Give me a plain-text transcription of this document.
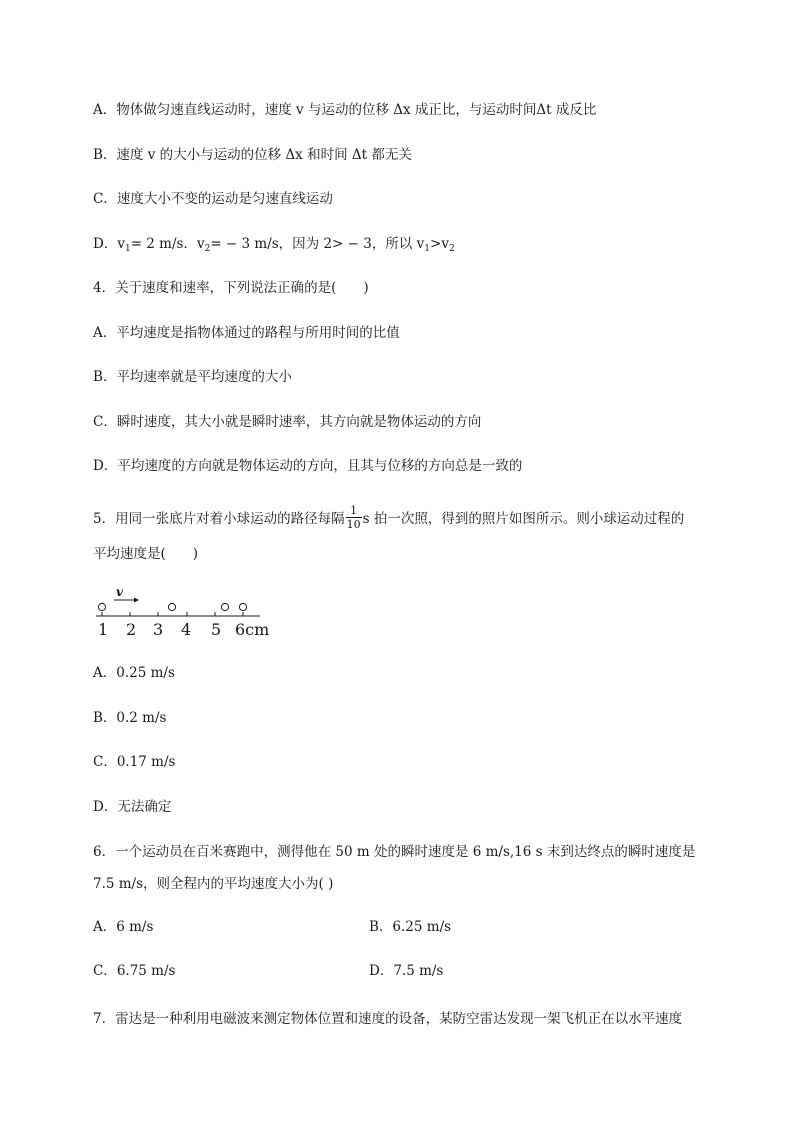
A．物体做匀速直线运动时，速度 v 与运动的位移 Δx 成正比，与运动时间Δt 成反比
B．速度 v 的大小与运动的位移 Δx 和时间 Δt 都无关
C．速度大小不变的运动是匀速直线运动
D．$v_1= 2$ m/s．$v_2= - 3$ m/s，因为 2> − 3，所以 $v_1>v_2$
4．关于速度和速率，下列说法正确的是(　　)
A．平均速度是指物体通过的路程与所用时间的比值
B．平均速率就是平均速度的大小
C．瞬时速度，其大小就是瞬时速率，其方向就是物体运动的方向
D．平均速度的方向就是物体运动的方向，且其与位移的方向总是一致的
5．用同一张底片对着小球运动的路径每隔 $\frac{1}{10}$ s 拍一次照，得到的照片如图所示。则小球运动过程的
平均速度是(　　)
v
1 2 3 4 5 6cm
A．0.25 m/s
B．0.2 m/s
C．0.17 m/s
D．无法确定
6．一个运动员在百米赛跑中，测得他在 50 m 处的瞬时速度是 6 m/s,16 s 末到达终点的瞬时速度是
7.5 m/s，则全程内的平均速度大小为( )
A．6 m/s	B．6.25 m/s
C．6.75 m/s	D．7.5 m/s
7．雷达是一种利用电磁波来测定物体位置和速度的设备，某防空雷达发现一架飞机正在以水平速度
